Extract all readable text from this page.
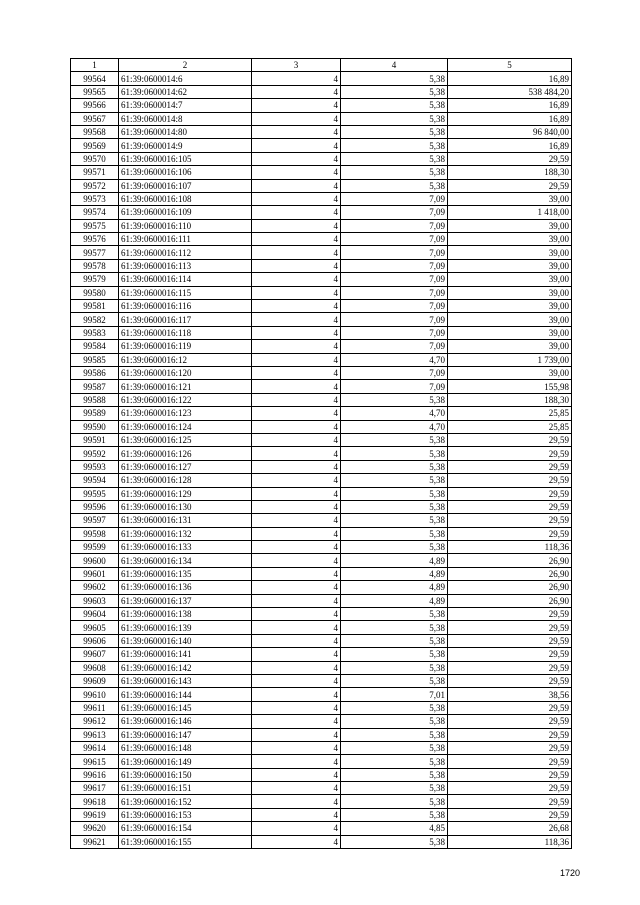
1	2	3	4	5
99564	61:39:0600014:6	4	5,38	16,89
99565	61:39:0600014:62	4	5,38	538 484,20
99566	61:39:0600014:7	4	5,38	16,89
99567	61:39:0600014:8	4	5,38	16,89
99568	61:39:0600014:80	4	5,38	96 840,00
99569	61:39:0600014:9	4	5,38	16,89
99570	61:39:0600016:105	4	5,38	29,59
99571	61:39:0600016:106	4	5,38	188,30
99572	61:39:0600016:107	4	5,38	29,59
99573	61:39:0600016:108	4	7,09	39,00
99574	61:39:0600016:109	4	7,09	1 418,00
99575	61:39:0600016:110	4	7,09	39,00
99576	61:39:0600016:111	4	7,09	39,00
99577	61:39:0600016:112	4	7,09	39,00
99578	61:39:0600016:113	4	7,09	39,00
99579	61:39:0600016:114	4	7,09	39,00
99580	61:39:0600016:115	4	7,09	39,00
99581	61:39:0600016:116	4	7,09	39,00
99582	61:39:0600016:117	4	7,09	39,00
99583	61:39:0600016:118	4	7,09	39,00
99584	61:39:0600016:119	4	7,09	39,00
99585	61:39:0600016:12	4	4,70	1 739,00
99586	61:39:0600016:120	4	7,09	39,00
99587	61:39:0600016:121	4	7,09	155,98
99588	61:39:0600016:122	4	5,38	188,30
99589	61:39:0600016:123	4	4,70	25,85
99590	61:39:0600016:124	4	4,70	25,85
99591	61:39:0600016:125	4	5,38	29,59
99592	61:39:0600016:126	4	5,38	29,59
99593	61:39:0600016:127	4	5,38	29,59
99594	61:39:0600016:128	4	5,38	29,59
99595	61:39:0600016:129	4	5,38	29,59
99596	61:39:0600016:130	4	5,38	29,59
99597	61:39:0600016:131	4	5,38	29,59
99598	61:39:0600016:132	4	5,38	29,59
99599	61:39:0600016:133	4	5,38	118,36
99600	61:39:0600016:134	4	4,89	26,90
99601	61:39:0600016:135	4	4,89	26,90
99602	61:39:0600016:136	4	4,89	26,90
99603	61:39:0600016:137	4	4,89	26,90
99604	61:39:0600016:138	4	5,38	29,59
99605	61:39:0600016:139	4	5,38	29,59
99606	61:39:0600016:140	4	5,38	29,59
99607	61:39:0600016:141	4	5,38	29,59
99608	61:39:0600016:142	4	5,38	29,59
99609	61:39:0600016:143	4	5,38	29,59
99610	61:39:0600016:144	4	7,01	38,56
99611	61:39:0600016:145	4	5,38	29,59
99612	61:39:0600016:146	4	5,38	29,59
99613	61:39:0600016:147	4	5,38	29,59
99614	61:39:0600016:148	4	5,38	29,59
99615	61:39:0600016:149	4	5,38	29,59
99616	61:39:0600016:150	4	5,38	29,59
99617	61:39:0600016:151	4	5,38	29,59
99618	61:39:0600016:152	4	5,38	29,59
99619	61:39:0600016:153	4	5,38	29,59
99620	61:39:0600016:154	4	4,85	26,68
99621	61:39:0600016:155	4	5,38	118,36
1720
